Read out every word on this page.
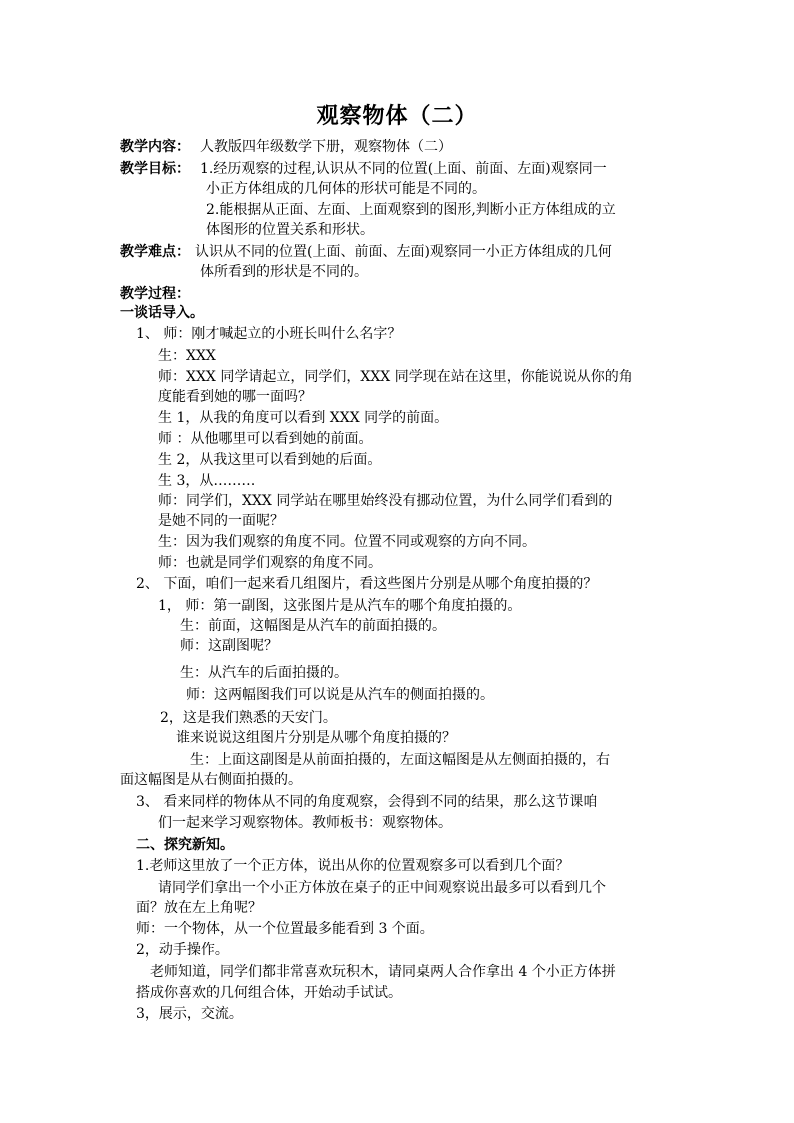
观察物体（二）
教学内容： 人教版四年级数学下册，观察物体（二）
教学目标： 1.经历观察的过程,认识从不同的位置(上面、前面、左面)观察同一
小正方体组成的几何体的形状可能是不同的。
2.能根据从正面、左面、上面观察到的图形,判断小正方体组成的立
体图形的位置关系和形状。
教学难点： 认识从不同的位置(上面、前面、左面)观察同一小正方体组成的几何
体所看到的形状是不同的。
教学过程：
一谈话导入。
1、 师：刚才喊起立的小班长叫什么名字？
生：XXX
师：XXX 同学请起立，同学们，XXX 同学现在站在这里，你能说说从你的角
度能看到她的哪一面吗？
生 1，从我的角度可以看到 XXX 同学的前面。
师 ：从他哪里可以看到她的前面。
生 2，从我这里可以看到她的后面。
生 3，从………
师：同学们，XXX 同学站在哪里始终没有挪动位置，为什么同学们看到的
是她不同的一面呢？
生：因为我们观察的角度不同。位置不同或观察的方向不同。
师：也就是同学们观察的角度不同。
2、 下面，咱们一起来看几组图片，看这些图片分别是从哪个角度拍摄的？
1， 师：第一副图，这张图片是从汽车的哪个角度拍摄的。
生：前面，这幅图是从汽车的前面拍摄的。
师：这副图呢？
生：从汽车的后面拍摄的。
师：这两幅图我们可以说是从汽车的侧面拍摄的。
2，这是我们熟悉的天安门。
谁来说说这组图片分别是从哪个角度拍摄的？
生：上面这副图是从前面拍摄的，左面这幅图是从左侧面拍摄的，右
面这幅图是从右侧面拍摄的。
3、 看来同样的物体从不同的角度观察，会得到不同的结果，那么这节课咱
们一起来学习观察物体。教师板书：观察物体。
二、探究新知。
1.老师这里放了一个正方体，说出从你的位置观察多可以看到几个面？
请同学们拿出一个小正方体放在桌子的正中间观察说出最多可以看到几个
面？放在左上角呢？
师：一个物体，从一个位置最多能看到 3 个面。
2，动手操作。
老师知道，同学们都非常喜欢玩积木，请同桌两人合作拿出 4 个小正方体拼
搭成你喜欢的几何组合体，开始动手试试。
3，展示，交流。
